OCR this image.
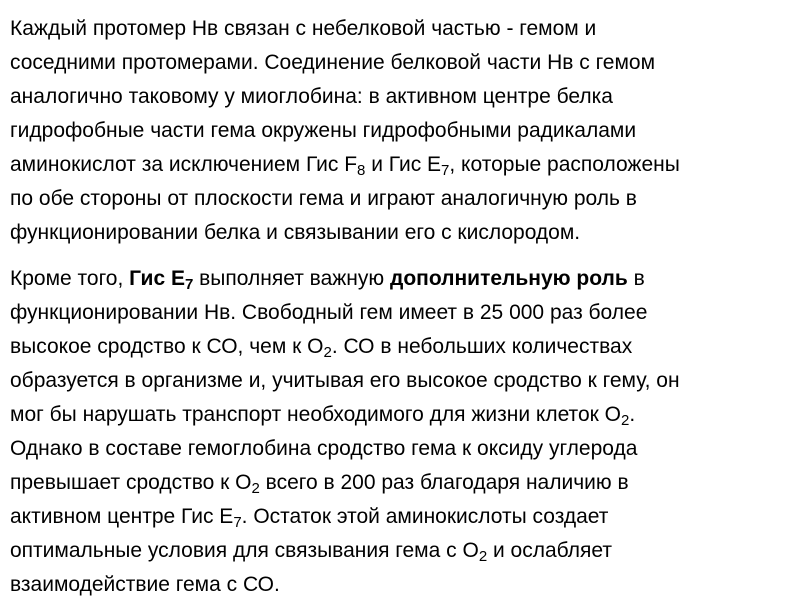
Каждый протомер Нв связан с небелковой частью - гемом и
соседними протомерами. Соединение белковой части Нв с гемом
аналогично таковому у миоглобина: в активном центре белка
гидрофобные части гема окружены гидрофобными радикалами
аминокислот за исключением Гис $F_8$ и Гис $E_7$, которые расположены
по обе стороны от плоскости гема и играют аналогичную роль в
функционировании белка и связывании его с кислородом.

Кроме того, Гис $Е_7$ выполняет важную дополнительную роль в
функционировании Нв. Свободный гем имеет в 25 000 раз более
высокое сродство к СО, чем к $О_2$. СО в небольших количествах
образуется в организме и, учитывая его высокое сродство к гему, он
мог бы нарушать транспорт необходимого для жизни клеток $О_2$.
Однако в составе гемоглобина сродство гема к оксиду углерода
превышает сродство к $О_2$ всего в 200 раз благодаря наличию в
активном центре Гис $Е_7$. Остаток этой аминокислоты создает
оптимальные условия для связывания гема с $О_2$ и ослабляет
взаимодействие гема с СО.
